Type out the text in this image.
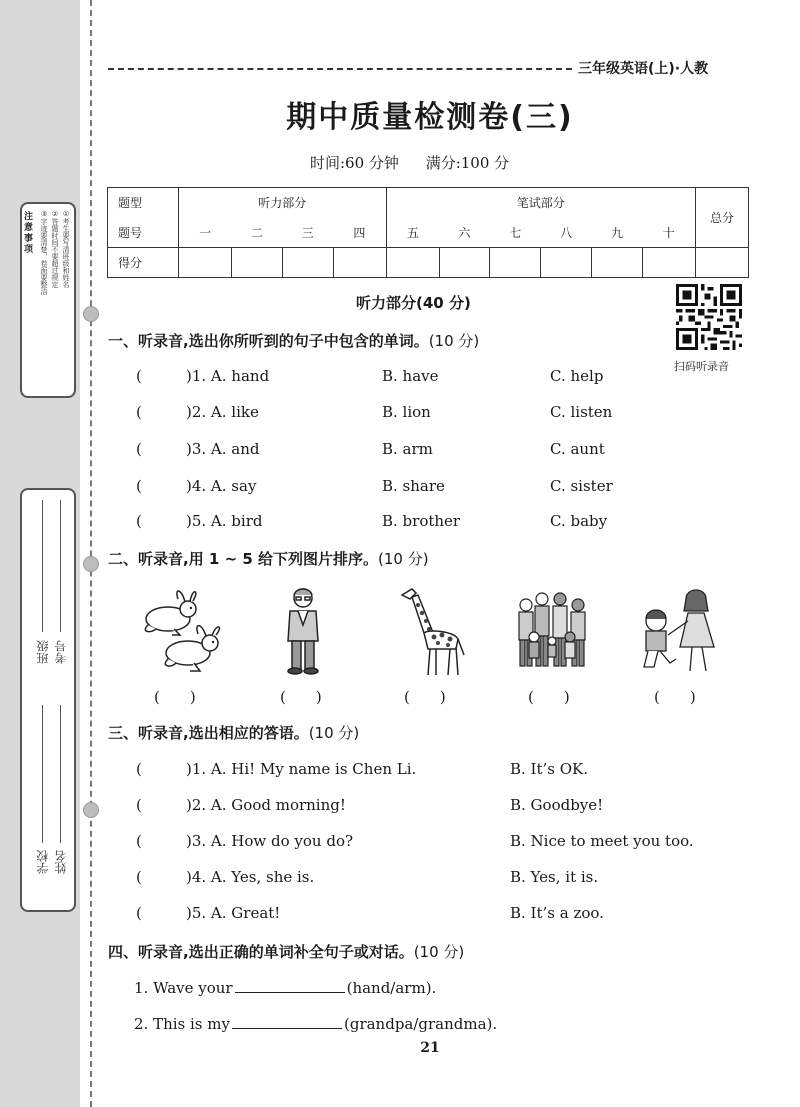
注意事项	①考生要写清班级和姓名
②答题时间不要超过规定
③字迹要清楚，卷面要整洁
班级 考号
学校 姓名
三年级英语(上)·人教
期中质量检测卷(三)
时间:60 分钟 满分:100 分
题型	听力部分				笔试部分						总分
题号	一	二	三	四	五	六	七	八	九	十	
得分											
扫码听录音
听力部分(40 分)
一、听录音,选出你所听到的句子中包含的单词。(10 分)
(	)1. A. hand	B. have	C. help
(	)2. A. like	B. lion	C. listen
(	)3. A. and	B. arm	C. aunt
(	)4. A. say	B. share	C. sister
(	)5. A. bird	B. brother	C. baby
二、听录音,用 1 ~ 5 给下列图片排序。(10 分)
(　　)	(　　)	(　　)	(　　)	(　　)
三、听录音,选出相应的答语。(10 分)
(	)1. A. Hi! My name is Chen Li.	B. It’s OK.
(	)2. A. Good morning!	B. Goodbye!
(	)3. A. How do you do?	B. Nice to meet you too.
(	)4. A. Yes, she is.	B. Yes, it is.
(	)5. A. Great!	B. It’s a zoo.
四、听录音,选出正确的单词补全句子或对话。(10 分)
1. Wave your	(hand/arm).
2. This is my	(grandpa/grandma).
21
